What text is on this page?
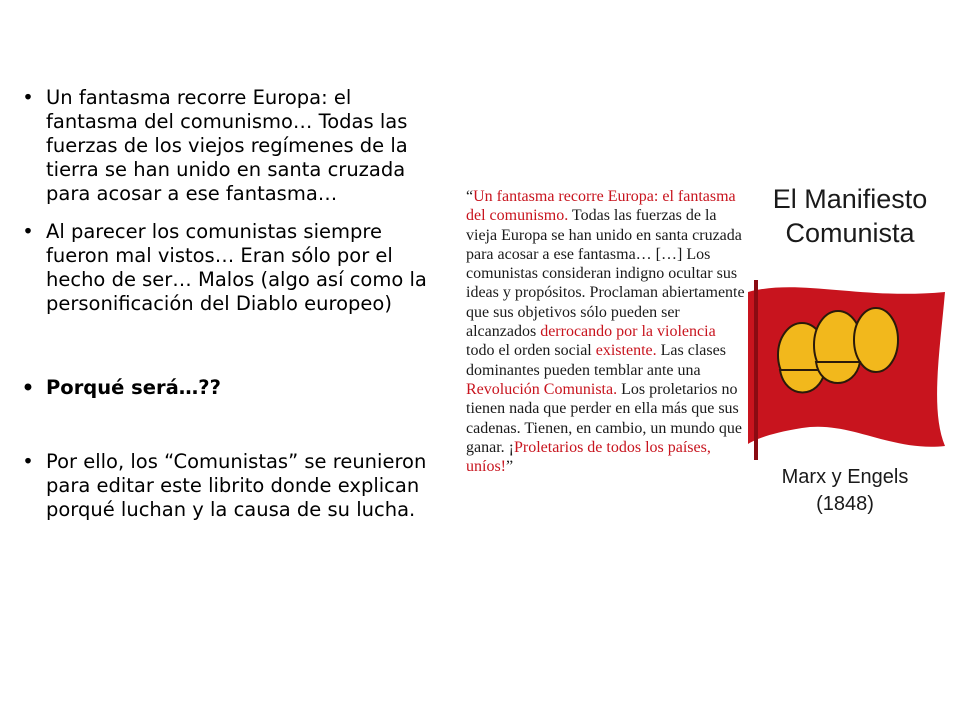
• Un fantasma recorre Europa: el fantasma del comunismo… Todas las fuerzas de los viejos regímenes de la tierra se han unido en santa cruzada para acosar a ese fantasma…
• Al parecer los comunistas siempre fueron mal vistos… Eran sólo por el hecho de ser… Malos (algo así como la personificación del Diablo europeo)
• Porqué será…??
• Por ello, los “Comunistas” se reunieron para editar este librito donde explican porqué luchan y la causa de su lucha.
“Un fantasma recorre Europa: el fantasma del comunismo. Todas las fuerzas de la vieja Europa se han unido en santa cruzada para acosar a ese fantasma… […] Los comunistas consideran indigno ocultar sus ideas y propósitos. Proclaman abiertamente que sus objetivos sólo pueden ser alcanzados derrocando por la violencia todo el orden social existente. Las clases dominantes pueden temblar ante una Revolución Comunista. Los proletarios no tienen nada que perder en ella más que sus cadenas. Tienen, en cambio, un mundo que ganar. ¡Proletarios de todos los países, uníos!”
El Manifiesto Comunista
Marx y Engels
(1848)
